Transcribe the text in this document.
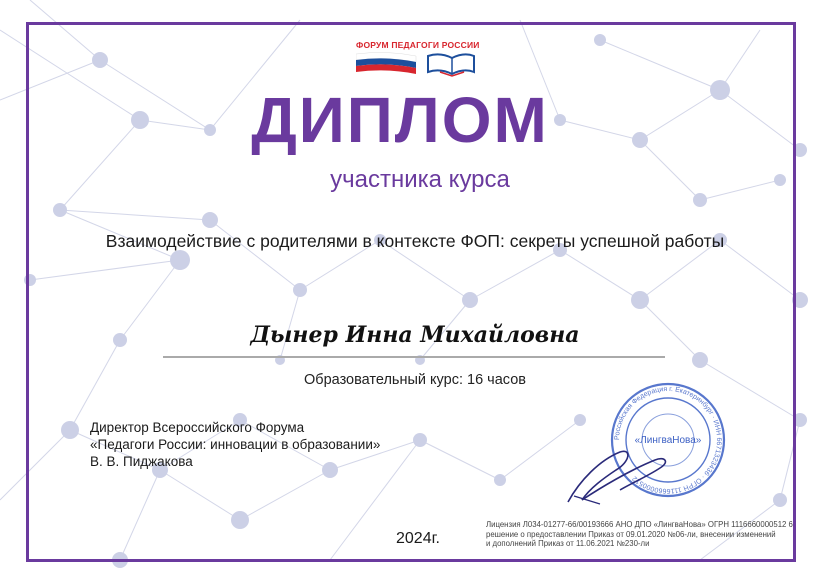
ФОРУМ ПЕДАГОГИ РОССИИ
ДИПЛОМ
участника курса
Взаимодействие с родителями в контексте ФОП: секреты успешной работы
Дынер Инна Михайловна
Образовательный курс: 16 часов
Директор Всероссийского Форума
«Педагоги России: инновации в образовании»
В. В. Пиджакова
Российская Федерация г. Екатеринбург · ИНН 6671323436 · ОГРН 1116660000512
«ЛингваНова»
2024г.
Лицензия Л034-01277-66/00193666 АНО ДПО «ЛингваНова» ОГРН 1116660000512 6
решение о предоставлении Приказ от 09.01.2020 №06-ли, внесении изменений
и дополнений Приказ от 11.06.2021 №230-ли
